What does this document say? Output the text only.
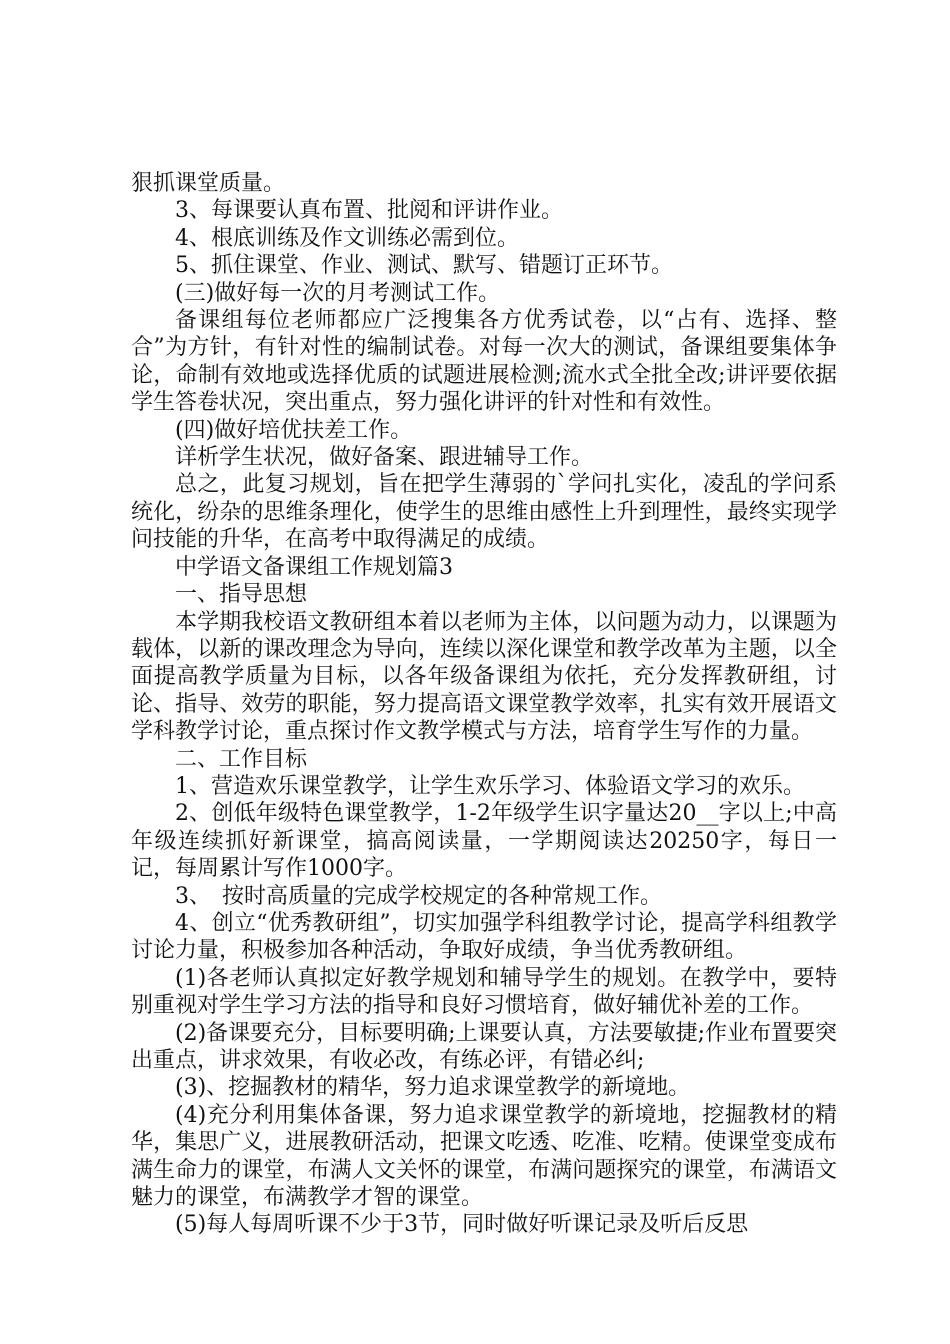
狠抓课堂质量。

3、每课要认真布置、批阅和评讲作业。

4、根底训练及作文训练必需到位。

5、抓住课堂、作业、测试、默写、错题订正环节。

(三)做好每一次的月考测试工作。

备课组每位老师都应广泛搜集各方优秀试卷，以“占有、选择、整合”为方针，有针对性的编制试卷。对每一次大的测试，备课组要集体争论，命制有效地或选择优质的试题进展检测;流水式全批全改;讲评要依据学生答卷状况，突出重点，努力强化讲评的针对性和有效性。

(四)做好培优扶差工作。

详析学生状况，做好备案、跟进辅导工作。

总之，此复习规划，旨在把学生薄弱的`学问扎实化，凌乱的学问系统化，纷杂的思维条理化，使学生的思维由感性上升到理性，最终实现学问技能的升华，在高考中取得满足的成绩。

中学语文备课组工作规划篇3

一、指导思想

本学期我校语文教研组本着以老师为主体，以问题为动力，以课题为载体，以新的课改理念为导向，连续以深化课堂和教学改革为主题，以全面提高教学质量为目标，以各年级备课组为依托，充分发挥教研组，讨论、指导、效劳的职能，努力提高语文课堂教学效率，扎实有效开展语文学科教学讨论，重点探讨作文教学模式与方法，培育学生写作的力量。

二、工作目标

1、营造欢乐课堂教学，让学生欢乐学习、体验语文学习的欢乐。

2、创低年级特色课堂教学，1-2年级学生识字量达20__字以上;中高年级连续抓好新课堂，搞高阅读量，一学期阅读达20250字，每日一记，每周累计写作1000字。

3、　按时高质量的完成学校规定的各种常规工作。

4、创立“优秀教研组”，切实加强学科组教学讨论，提高学科组教学讨论力量，积极参加各种活动，争取好成绩，争当优秀教研组。

(1)各老师认真拟定好教学规划和辅导学生的规划。在教学中，要特别重视对学生学习方法的指导和良好习惯培育，做好辅优补差的工作。

(2)备课要充分，目标要明确;上课要认真，方法要敏捷;作业布置要突出重点，讲求效果，有收必改，有练必评，有错必纠;

(3)、挖掘教材的精华，努力追求课堂教学的新境地。

(4)充分利用集体备课，努力追求课堂教学的新境地，挖掘教材的精华，集思广义，进展教研活动，把课文吃透、吃准、吃精。使课堂变成布满生命力的课堂，布满人文关怀的课堂，布满问题探究的课堂，布满语文魅力的课堂，布满教学才智的课堂。

(5)每人每周听课不少于3节，同时做好听课记录及听后反思
